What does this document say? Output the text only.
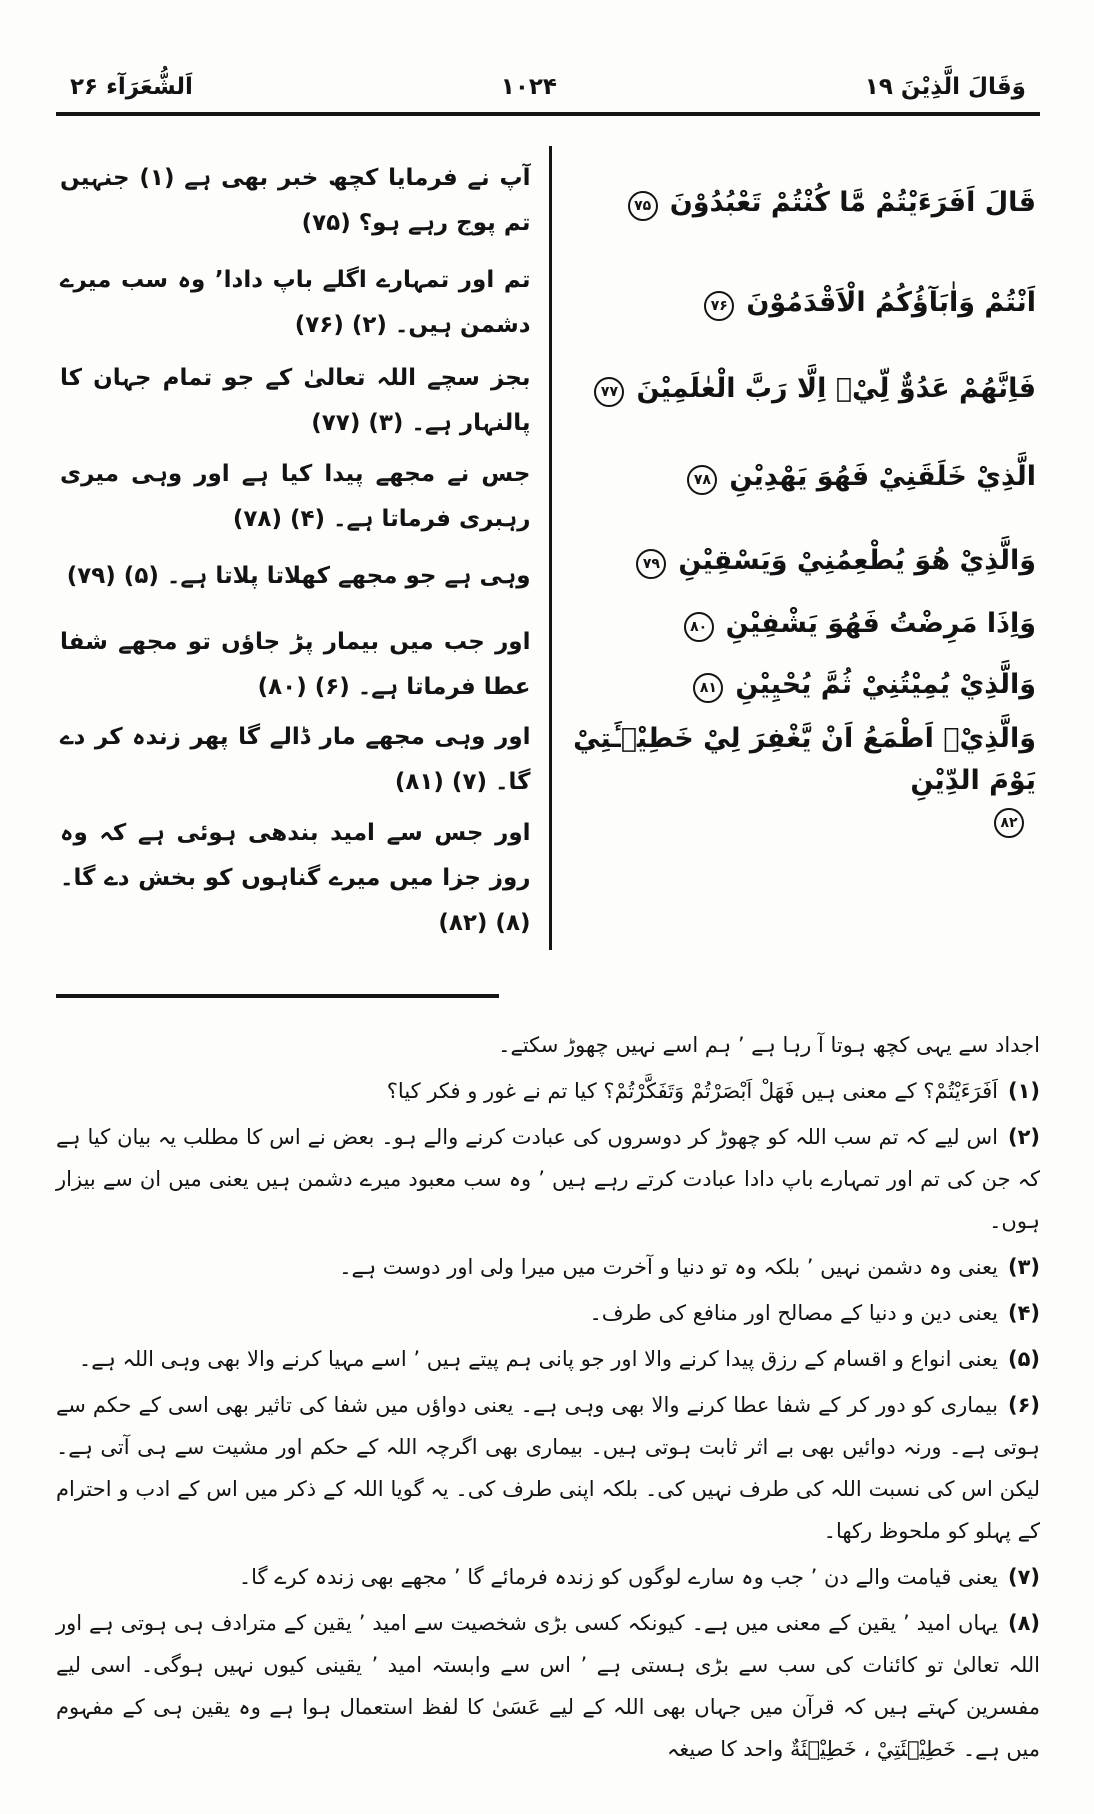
اَلشُّعَرَآء ۲۶	۱۰۲۴	وَقَالَ الَّذِيْنَ ۱۹
آپ نے فرمایا کچھ خبر بھی ہے (۱) جنہیں تم پوج رہے ہو؟ (۷۵)
تم اور تمہارے اگلے باپ دادا’ وہ سب میرے دشمن ہیں۔ (۲) (۷۶)
بجز سچے اللہ تعالیٰ کے جو تمام جہان کا پالنہار ہے۔ (۳) (۷۷)
جس نے مجھے پیدا کیا ہے اور وہی میری رہبری فرماتا ہے۔ (۴) (۷۸)
وہی ہے جو مجھے کھلاتا پلاتا ہے۔ (۵) (۷۹)
اور جب میں بیمار پڑ جاؤں تو مجھے شفا عطا فرماتا ہے۔ (۶) (۸۰)
اور وہی مجھے مار ڈالے گا پھر زندہ کر دے گا۔ (۷) (۸۱)
اور جس سے امید بندھی ہوئی ہے کہ وہ روز جزا میں میرے گناہوں کو بخش دے گا۔ (۸) (۸۲)
قَالَ اَفَرَءَيْتُمْ مَّا كُنْتُمْ تَعْبُدُوْنَ
۷۵
اَنْتُمْ وَاٰبَآؤُكُمُ الْاَقْدَمُوْنَ
۷۶
فَاِنَّهُمْ عَدُوٌّ لِّيْۤ اِلَّا رَبَّ الْعٰلَمِيْنَ
۷۷
الَّذِيْ خَلَقَنِيْ فَهُوَ يَهْدِيْنِ
۷۸
وَالَّذِيْ هُوَ يُطْعِمُنِيْ وَيَسْقِيْنِ
۷۹
وَاِذَا مَرِضْتُ فَهُوَ يَشْفِيْنِ
۸۰
وَالَّذِيْ يُمِيْتُنِيْ ثُمَّ يُحْيِيْنِ
۸۱
وَالَّذِيْۤ اَطْمَعُ اَنْ يَّغْفِرَ لِيْ خَطِيْۤـَٔتِيْ يَوْمَ الدِّيْنِ
۸۲

اجداد سے یہی کچھ ہوتا آ رہا ہے ’ ہم اسے نہیں چھوڑ سکتے۔

(۱)اَفَرَءَيْتُمْ؟ کے معنی ہیں فَهَلْ اَبْصَرْتُمْ وَتَفَكَّرْتُمْ؟ کیا تم نے غور و فکر کیا؟

(۲)اس لیے کہ تم سب اللہ کو چھوڑ کر دوسروں کی عبادت کرنے والے ہو۔ بعض نے اس کا مطلب یہ بیان کیا ہے کہ جن کی تم اور تمہارے باپ دادا عبادت کرتے رہے ہیں ’ وہ سب معبود میرے دشمن ہیں یعنی میں ان سے بیزار ہوں۔

(۳)یعنی وہ دشمن نہیں ’ بلکہ وہ تو دنیا و آخرت میں میرا ولی اور دوست ہے۔

(۴)یعنی دین و دنیا کے مصالح اور منافع کی طرف۔

(۵)یعنی انواع و اقسام کے رزق پیدا کرنے والا اور جو پانی ہم پیتے ہیں ’ اسے مہیا کرنے والا بھی وہی اللہ ہے۔

(۶)بیماری کو دور کر کے شفا عطا کرنے والا بھی وہی ہے۔ یعنی دواؤں میں شفا کی تاثیر بھی اسی کے حکم سے ہوتی ہے۔ ورنہ دوائیں بھی بے اثر ثابت ہوتی ہیں۔ بیماری بھی اگرچہ اللہ کے حکم اور مشیت سے ہی آتی ہے۔ لیکن اس کی نسبت اللہ کی طرف نہیں کی۔ بلکہ اپنی طرف کی۔ یہ گویا اللہ کے ذکر میں اس کے ادب و احترام کے پہلو کو ملحوظ رکھا۔

(۷)یعنی قیامت والے دن ’ جب وہ سارے لوگوں کو زندہ فرمائے گا ’ مجھے بھی زندہ کرے گا۔

(۸)یہاں امید ’ یقین کے معنی میں ہے۔ کیونکہ کسی بڑی شخصیت سے امید ’ یقین کے مترادف ہی ہوتی ہے اور اللہ تعالیٰ تو کائنات کی سب سے بڑی ہستی ہے ’ اس سے وابستہ امید ’ یقینی کیوں نہیں ہوگی۔ اسی لیے مفسرین کہتے ہیں کہ قرآن میں جہاں بھی اللہ کے لیے عَسَىٰ کا لفظ استعمال ہوا ہے وہ یقین ہی کے مفہوم میں ہے۔ خَطِيْۤئَتِيْ ، خَطِيْۤئَةٌ واحد کا صیغہ
